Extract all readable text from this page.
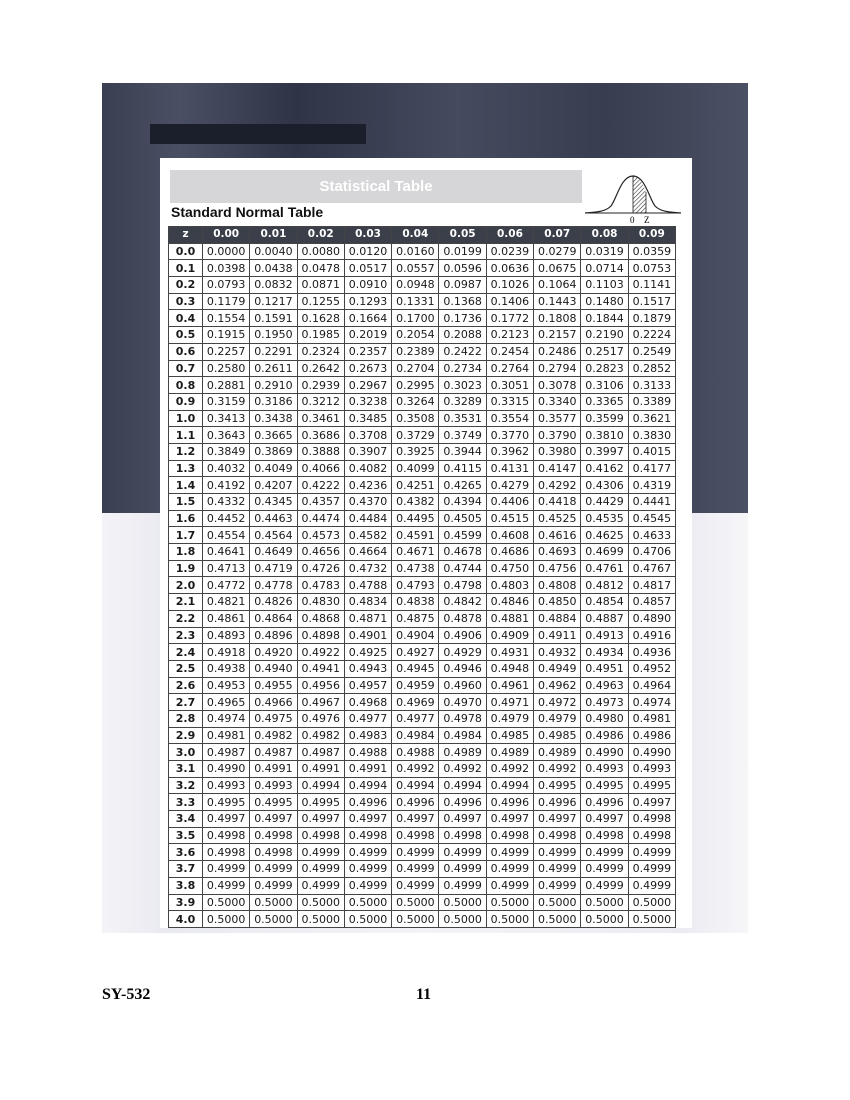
Statistical Table
Standard Normal Table	0 Z
z	0.00	0.01	0.02	0.03	0.04	0.05	0.06	0.07	0.08	0.09
0.0	0.0000	0.0040	0.0080	0.0120	0.0160	0.0199	0.0239	0.0279	0.0319	0.0359
0.1	0.0398	0.0438	0.0478	0.0517	0.0557	0.0596	0.0636	0.0675	0.0714	0.0753
0.2	0.0793	0.0832	0.0871	0.0910	0.0948	0.0987	0.1026	0.1064	0.1103	0.1141
0.3	0.1179	0.1217	0.1255	0.1293	0.1331	0.1368	0.1406	0.1443	0.1480	0.1517
0.4	0.1554	0.1591	0.1628	0.1664	0.1700	0.1736	0.1772	0.1808	0.1844	0.1879
0.5	0.1915	0.1950	0.1985	0.2019	0.2054	0.2088	0.2123	0.2157	0.2190	0.2224
0.6	0.2257	0.2291	0.2324	0.2357	0.2389	0.2422	0.2454	0.2486	0.2517	0.2549
0.7	0.2580	0.2611	0.2642	0.2673	0.2704	0.2734	0.2764	0.2794	0.2823	0.2852
0.8	0.2881	0.2910	0.2939	0.2967	0.2995	0.3023	0.3051	0.3078	0.3106	0.3133
0.9	0.3159	0.3186	0.3212	0.3238	0.3264	0.3289	0.3315	0.3340	0.3365	0.3389
1.0	0.3413	0.3438	0.3461	0.3485	0.3508	0.3531	0.3554	0.3577	0.3599	0.3621
1.1	0.3643	0.3665	0.3686	0.3708	0.3729	0.3749	0.3770	0.3790	0.3810	0.3830
1.2	0.3849	0.3869	0.3888	0.3907	0.3925	0.3944	0.3962	0.3980	0.3997	0.4015
1.3	0.4032	0.4049	0.4066	0.4082	0.4099	0.4115	0.4131	0.4147	0.4162	0.4177
1.4	0.4192	0.4207	0.4222	0.4236	0.4251	0.4265	0.4279	0.4292	0.4306	0.4319
1.5	0.4332	0.4345	0.4357	0.4370	0.4382	0.4394	0.4406	0.4418	0.4429	0.4441
1.6	0.4452	0.4463	0.4474	0.4484	0.4495	0.4505	0.4515	0.4525	0.4535	0.4545
1.7	0.4554	0.4564	0.4573	0.4582	0.4591	0.4599	0.4608	0.4616	0.4625	0.4633
1.8	0.4641	0.4649	0.4656	0.4664	0.4671	0.4678	0.4686	0.4693	0.4699	0.4706
1.9	0.4713	0.4719	0.4726	0.4732	0.4738	0.4744	0.4750	0.4756	0.4761	0.4767
2.0	0.4772	0.4778	0.4783	0.4788	0.4793	0.4798	0.4803	0.4808	0.4812	0.4817
2.1	0.4821	0.4826	0.4830	0.4834	0.4838	0.4842	0.4846	0.4850	0.4854	0.4857
2.2	0.4861	0.4864	0.4868	0.4871	0.4875	0.4878	0.4881	0.4884	0.4887	0.4890
2.3	0.4893	0.4896	0.4898	0.4901	0.4904	0.4906	0.4909	0.4911	0.4913	0.4916
2.4	0.4918	0.4920	0.4922	0.4925	0.4927	0.4929	0.4931	0.4932	0.4934	0.4936
2.5	0.4938	0.4940	0.4941	0.4943	0.4945	0.4946	0.4948	0.4949	0.4951	0.4952
2.6	0.4953	0.4955	0.4956	0.4957	0.4959	0.4960	0.4961	0.4962	0.4963	0.4964
2.7	0.4965	0.4966	0.4967	0.4968	0.4969	0.4970	0.4971	0.4972	0.4973	0.4974
2.8	0.4974	0.4975	0.4976	0.4977	0.4977	0.4978	0.4979	0.4979	0.4980	0.4981
2.9	0.4981	0.4982	0.4982	0.4983	0.4984	0.4984	0.4985	0.4985	0.4986	0.4986
3.0	0.4987	0.4987	0.4987	0.4988	0.4988	0.4989	0.4989	0.4989	0.4990	0.4990
3.1	0.4990	0.4991	0.4991	0.4991	0.4992	0.4992	0.4992	0.4992	0.4993	0.4993
3.2	0.4993	0.4993	0.4994	0.4994	0.4994	0.4994	0.4994	0.4995	0.4995	0.4995
3.3	0.4995	0.4995	0.4995	0.4996	0.4996	0.4996	0.4996	0.4996	0.4996	0.4997
3.4	0.4997	0.4997	0.4997	0.4997	0.4997	0.4997	0.4997	0.4997	0.4997	0.4998
3.5	0.4998	0.4998	0.4998	0.4998	0.4998	0.4998	0.4998	0.4998	0.4998	0.4998
3.6	0.4998	0.4998	0.4999	0.4999	0.4999	0.4999	0.4999	0.4999	0.4999	0.4999
3.7	0.4999	0.4999	0.4999	0.4999	0.4999	0.4999	0.4999	0.4999	0.4999	0.4999
3.8	0.4999	0.4999	0.4999	0.4999	0.4999	0.4999	0.4999	0.4999	0.4999	0.4999
3.9	0.5000	0.5000	0.5000	0.5000	0.5000	0.5000	0.5000	0.5000	0.5000	0.5000
4.0	0.5000	0.5000	0.5000	0.5000	0.5000	0.5000	0.5000	0.5000	0.5000	0.5000
SY-532	11
